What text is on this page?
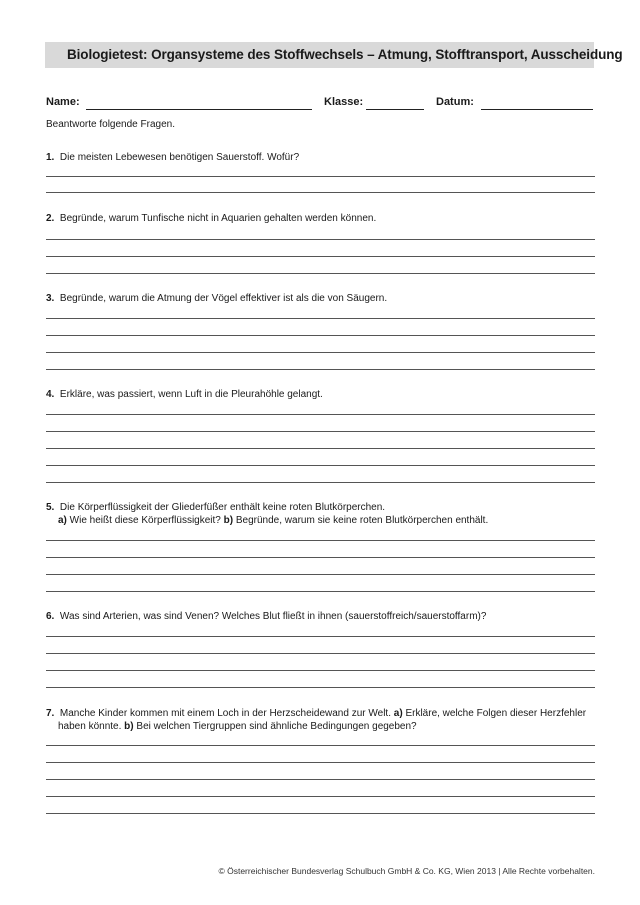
Biologietest: Organsysteme des Stoffwechsels – Atmung, Stofftransport, Ausscheidung
Name:	Klasse:	Datum:
Beantworte folgende Fragen.
1. Die meisten Lebewesen benötigen Sauerstoff. Wofür?
2. Begründe, warum Tunfische nicht in Aquarien gehalten werden können.
3. Begründe, warum die Atmung der Vögel effektiver ist als die von Säugern.
4. Erkläre, was passiert, wenn Luft in die Pleurahöhle gelangt.
5. Die Körperflüssigkeit der Gliederfüßer enthält keine roten Blutkörperchen.
a) Wie heißt diese Körperflüssigkeit? b) Begründe, warum sie keine roten Blutkörperchen enthält.
6. Was sind Arterien, was sind Venen? Welches Blut fließt in ihnen (sauerstoffreich/sauerstoffarm)?
7. Manche Kinder kommen mit einem Loch in der Herzscheidewand zur Welt. a) Erkläre, welche Folgen dieser Herzfehler
haben könnte. b) Bei welchen Tiergruppen sind ähnliche Bedingungen gegeben?
© Österreichischer Bundesverlag Schulbuch GmbH & Co. KG, Wien 2013 | Alle Rechte vorbehalten.
